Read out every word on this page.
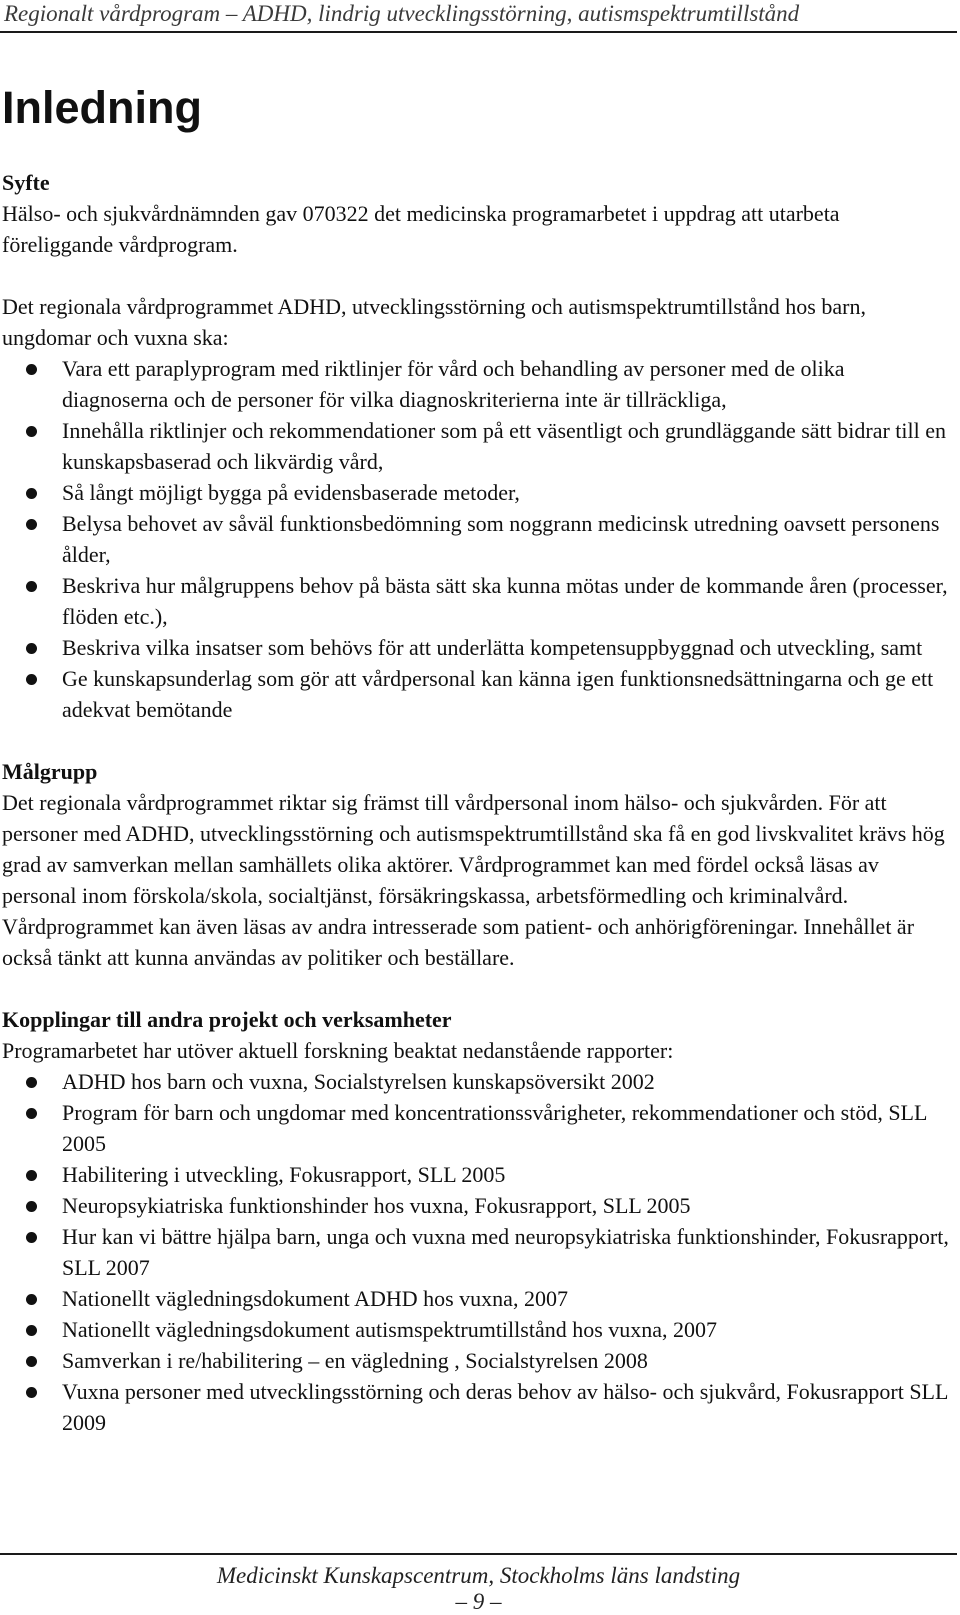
Regionalt vårdprogram – ADHD, lindrig utvecklingsstörning, autismspektrumtillstånd
Inledning
Syfte

Hälso- och sjukvårdnämnden gav 070322 det medicinska programarbetet i uppdrag att utarbeta föreliggande vårdprogram.

Det regionala vårdprogrammet ADHD, utvecklingsstörning och autismspektrumtillstånd hos barn, ungdomar och vuxna ska:

Vara ett paraplyprogram med riktlinjer för vård och behandling av personer med de olika diagnoserna och de personer för vilka diagnoskriterierna inte är tillräckliga,
Innehålla riktlinjer och rekommendationer som på ett väsentligt och grundläggande sätt bidrar till en kunskapsbaserad och likvärdig vård,
Så långt möjligt bygga på evidensbaserade metoder,
Belysa behovet av såväl funktionsbedömning som noggrann medicinsk utredning oavsett personens ålder,
Beskriva hur målgruppens behov på bästa sätt ska kunna mötas under de kommande åren (processer, flöden etc.),
Beskriva vilka insatser som behövs för att underlätta kompetensuppbyggnad och utveckling, samt
Ge kunskapsunderlag som gör att vårdpersonal kan känna igen funktionsnedsättningarna och ge ett adekvat bemötande
Målgrupp

Det regionala vårdprogrammet riktar sig främst till vårdpersonal inom hälso- och sjukvården. För att personer med ADHD, utvecklingsstörning och autismspektrumtillstånd ska få en god livskvalitet krävs hög grad av samverkan mellan samhällets olika aktörer. Vårdprogrammet kan med fördel också läsas av personal inom förskola/skola, socialtjänst, försäkringskassa, arbetsförmedling och kriminalvård. Vårdprogrammet kan även läsas av andra intresserade som patient- och anhörigföreningar. Innehållet är också tänkt att kunna användas av politiker och beställare.

Kopplingar till andra projekt och verksamheter

Programarbetet har utöver aktuell forskning beaktat nedanstående rapporter:

ADHD hos barn och vuxna, Socialstyrelsen kunskapsöversikt 2002
Program för barn och ungdomar med koncentrationssvårigheter, rekommendationer och stöd, SLL 2005
Habilitering i utveckling, Fokusrapport, SLL 2005
Neuropsykiatriska funktionshinder hos vuxna, Fokusrapport, SLL 2005
Hur kan vi bättre hjälpa barn, unga och vuxna med neuropsykiatriska funktionshinder, Fokusrapport, SLL 2007
Nationellt vägledningsdokument ADHD hos vuxna, 2007
Nationellt vägledningsdokument autismspektrumtillstånd hos vuxna, 2007
Samverkan i re/habilitering – en vägledning , Socialstyrelsen 2008
Vuxna personer med utvecklingsstörning och deras behov av hälso- och sjukvård, Fokusrapport SLL 2009
Medicinskt Kunskapscentrum, Stockholms läns landsting
– 9 –
